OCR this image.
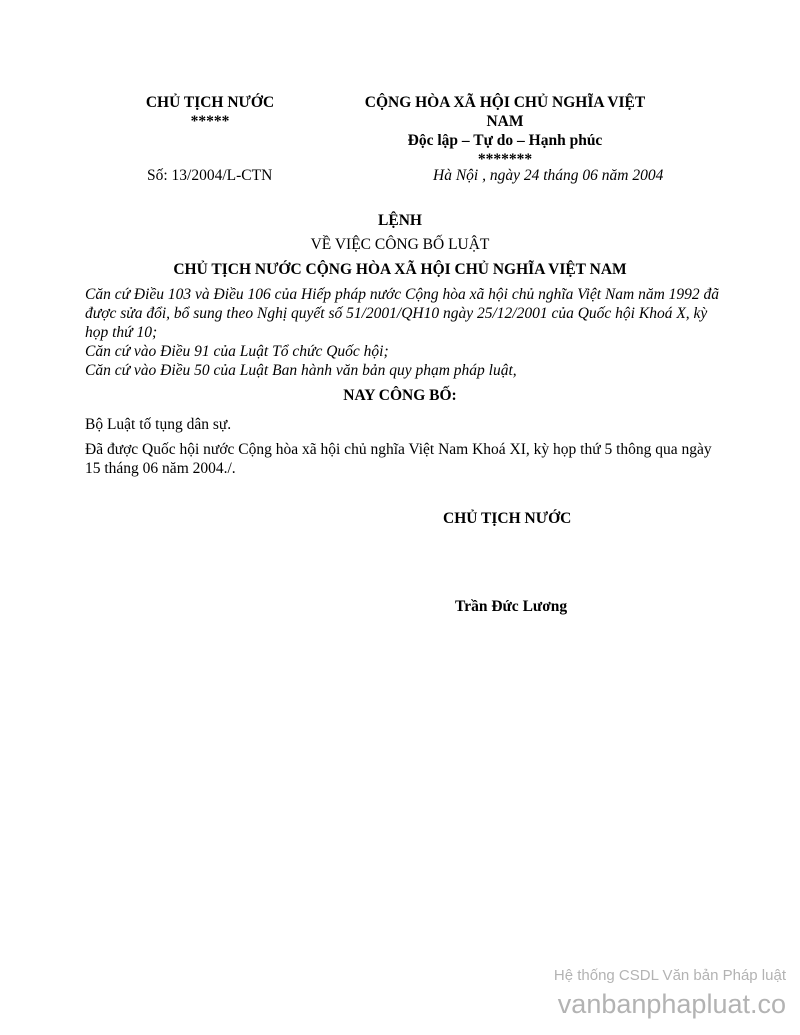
CHỦ TỊCH NƯỚC
*****
CỘNG HÒA XÃ HỘI CHỦ NGHĨA VIỆT
NAM
Độc lập – Tự do – Hạnh phúc
*******
Số: 13/2004/L-CTN	Hà Nội , ngày 24 tháng 06 năm 2004
LỆNH
VỀ VIỆC CÔNG BỐ LUẬT
CHỦ TỊCH NƯỚC CỘNG HÒA XÃ HỘI CHỦ NGHĨA VIỆT NAM

Căn cứ Điều 103 và Điều 106 của Hiếp pháp nước Cộng hòa xã hội chủ nghĩa Việt Nam năm 1992 đã được sửa đổi, bổ sung theo Nghị quyết số 51/2001/QH10 ngày 25/12/2001 của Quốc hội Khoá X, kỳ họp thứ 10;

Căn cứ vào Điều 91 của Luật Tổ chức Quốc hội;

Căn cứ vào Điều 50 của Luật Ban hành văn bản quy phạm pháp luật,

NAY CÔNG BỐ:
Bộ Luật tố tụng dân sự.
Đã được Quốc hội nước Cộng hòa xã hội chủ nghĩa Việt Nam Khoá XI, kỳ họp thứ 5 thông qua ngày 15 tháng 06 năm 2004./.
CHỦ TỊCH NƯỚC
Trần Đức Lương
Hệ thống CSDL Văn bản Pháp luật
vanbanphapluat.co
